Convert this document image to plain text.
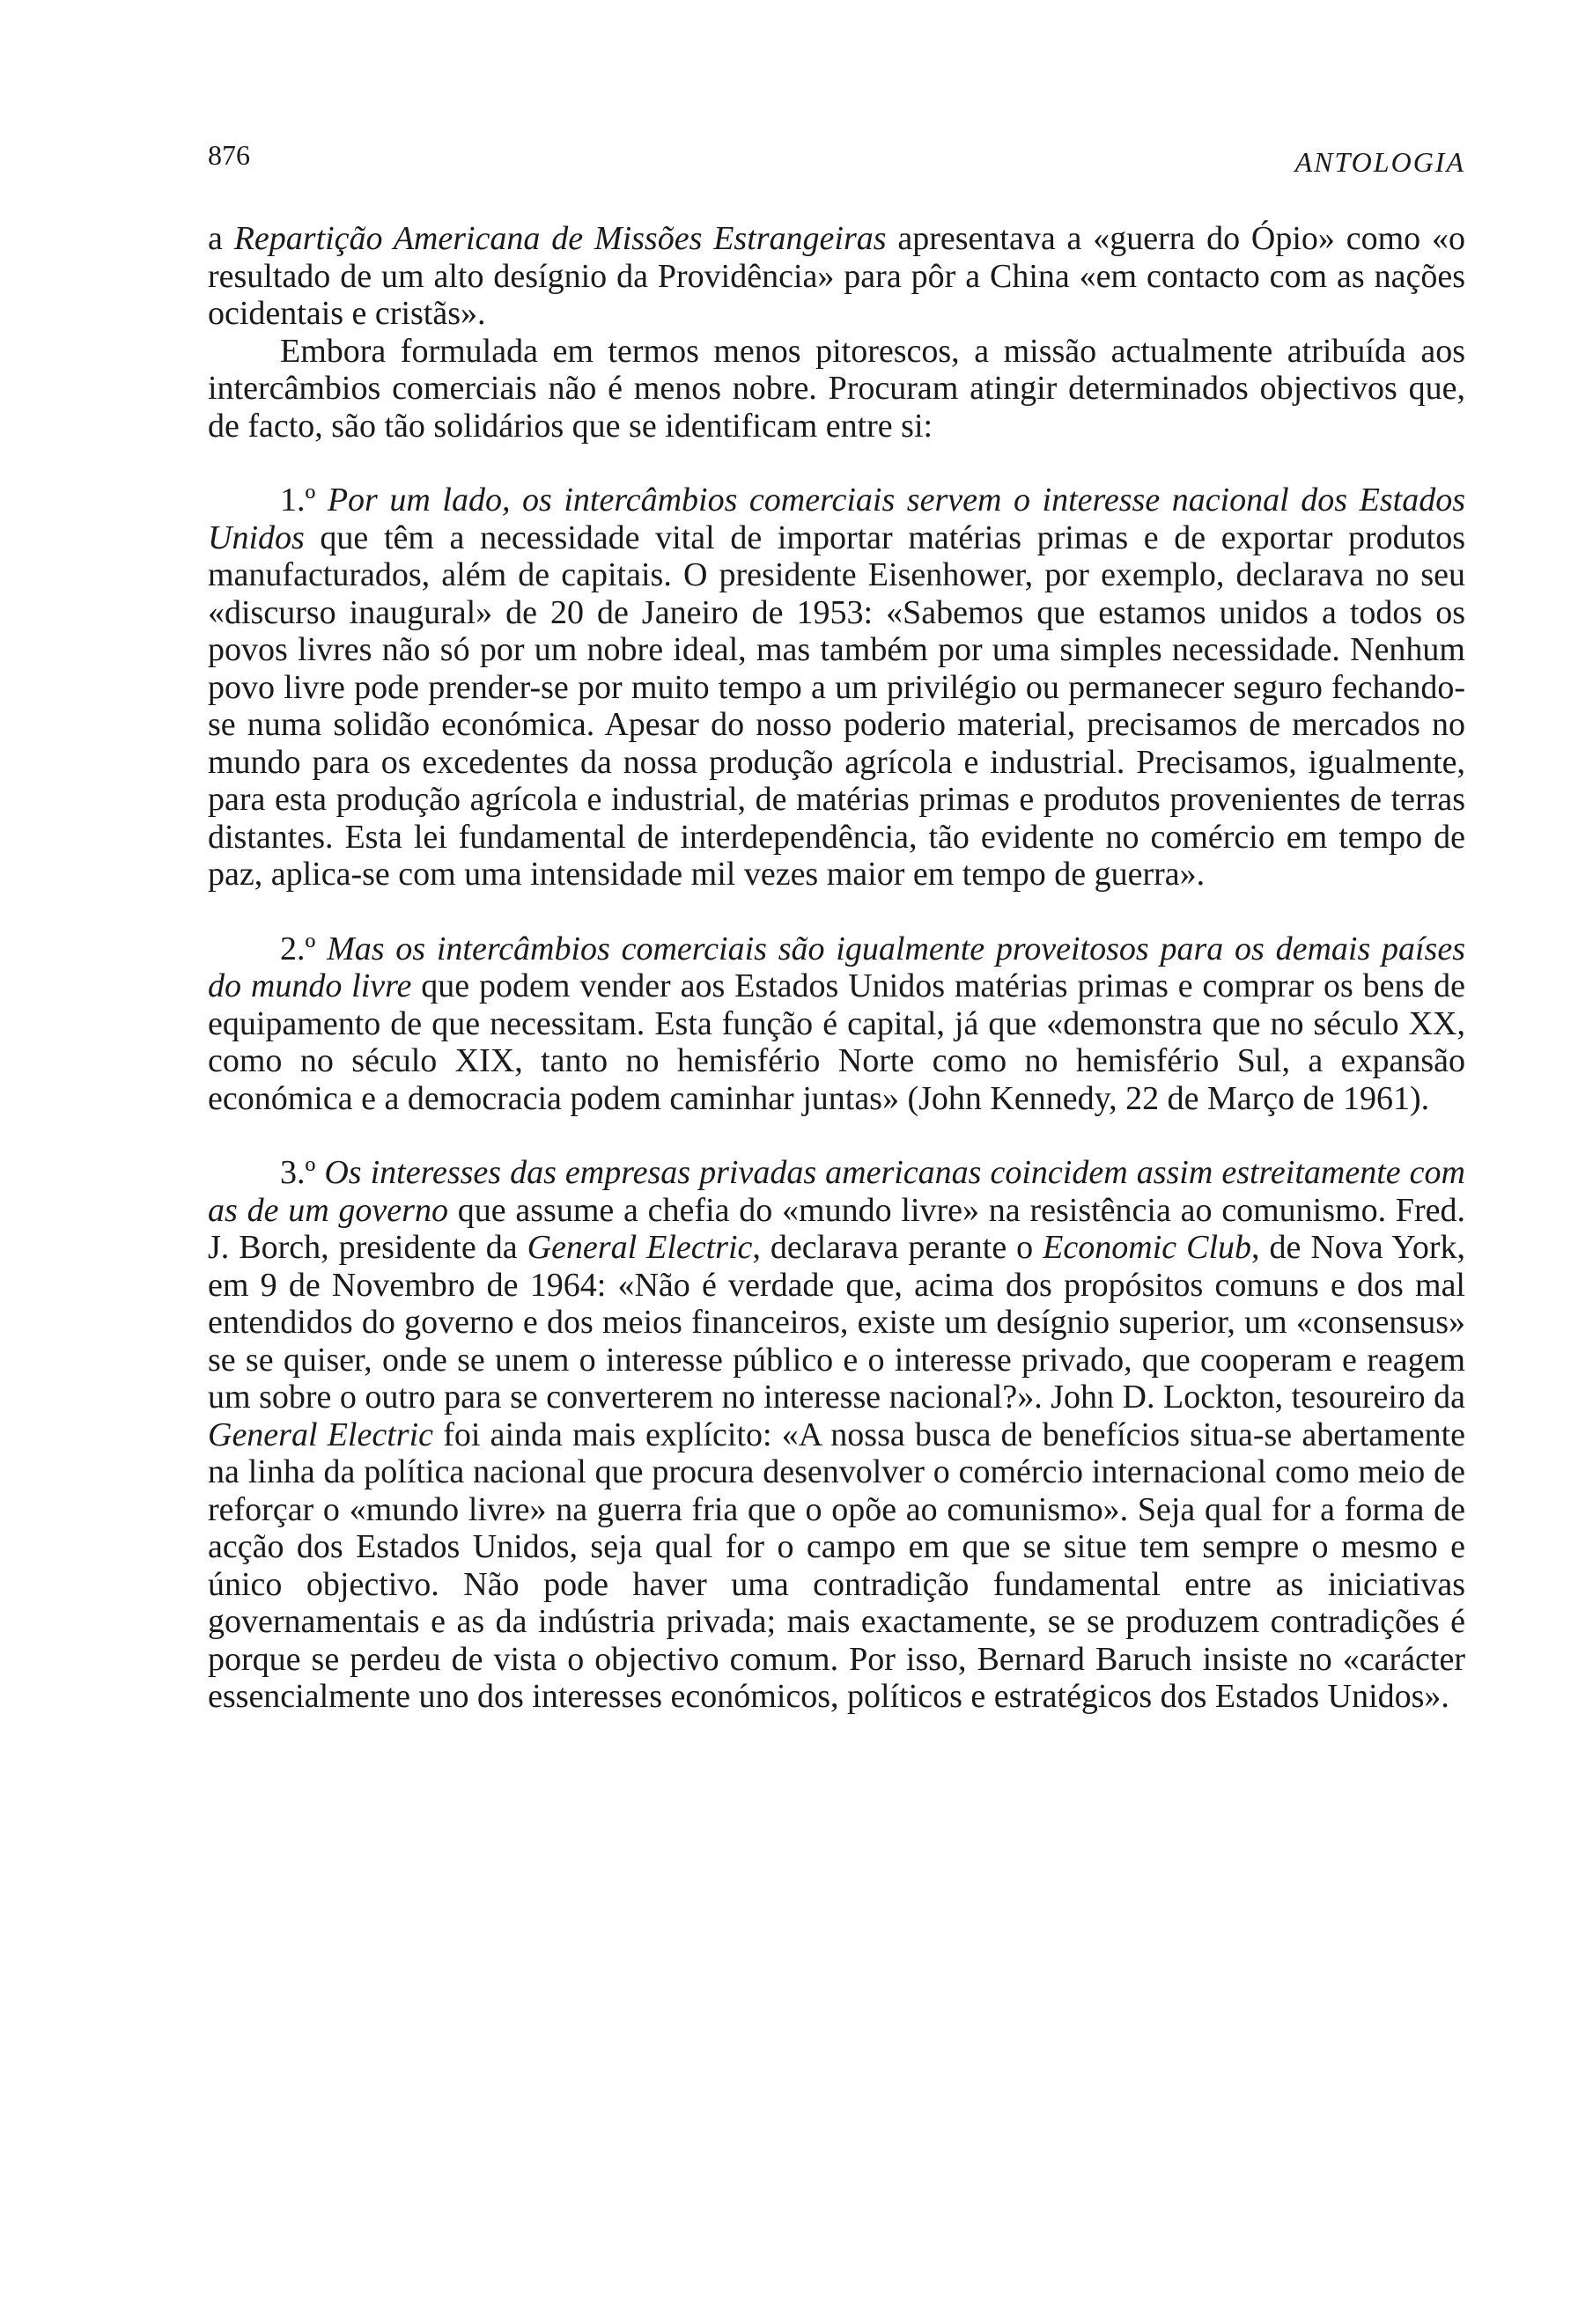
876	ANTOLOGIA

a Repartição Americana de Missões Estrangeiras apresentava a «guerra do Ópio» como «o resultado de um alto desígnio da Providência» para pôr a China «em contacto com as nações ocidentais e cristãs».

Embora formulada em termos menos pitorescos, a missão actualmente atribuída aos intercâmbios comerciais não é menos nobre. Procuram atingir determinados objectivos que, de facto, são tão solidários que se identificam entre si:

1.º Por um lado, os intercâmbios comerciais servem o interesse nacional dos Estados Unidos que têm a necessidade vital de importar matérias primas e de exportar produtos manufacturados, além de capitais. O presidente Eisenhower, por exemplo, declarava no seu «discurso inaugural» de 20 de Janeiro de 1953: «Sabemos que estamos unidos a todos os povos livres não só por um nobre ideal, mas também por uma simples necessidade. Nenhum povo livre pode prender-se por muito tempo a um privilégio ou permanecer seguro fechando-se numa solidão económica. Apesar do nosso poderio material, precisamos de mercados no mundo para os excedentes da nossa produção agrícola e industrial. Precisamos, igualmente, para esta produção agrícola e industrial, de matérias primas e produtos provenientes de terras distantes. Esta lei fundamental de interdependência, tão evidente no comércio em tempo de paz, aplica-se com uma intensidade mil vezes maior em tempo de guerra».

2.º Mas os intercâmbios comerciais são igualmente proveitosos para os demais países do mundo livre que podem vender aos Estados Unidos matérias primas e comprar os bens de equipamento de que necessitam. Esta função é capital, já que «demonstra que no século XX, como no século XIX, tanto no hemisfério Norte como no hemisfério Sul, a expansão económica e a democracia podem caminhar juntas» (John Kennedy, 22 de Março de 1961).

3.º Os interesses das empresas privadas americanas coincidem assim estreitamente com as de um governo que assume a chefia do «mundo livre» na resistência ao comunismo. Fred. J. Borch, presidente da General Electric, declarava perante o Economic Club, de Nova York, em 9 de Novembro de 1964: «Não é verdade que, acima dos propósitos comuns e dos mal entendidos do governo e dos meios financeiros, existe um desígnio superior, um «consensus» se se quiser, onde se unem o interesse público e o interesse privado, que cooperam e reagem um sobre o outro para se converterem no interesse nacional?». John D. Lockton, tesoureiro da General Electric foi ainda mais explícito: «A nossa busca de benefícios situa-se abertamente na linha da política nacional que procura desenvolver o comércio internacional como meio de reforçar o «mundo livre» na guerra fria que o opõe ao comunismo». Seja qual for a forma de acção dos Estados Unidos, seja qual for o campo em que se situe tem sempre o mesmo e único objectivo. Não pode haver uma contradição fundamental entre as iniciativas governamentais e as da indústria privada; mais exactamente, se se produzem contradições é porque se perdeu de vista o objectivo comum. Por isso, Bernard Baruch insiste no «carácter essencialmente uno dos interesses económicos, políticos e estratégicos dos Estados Unidos».
